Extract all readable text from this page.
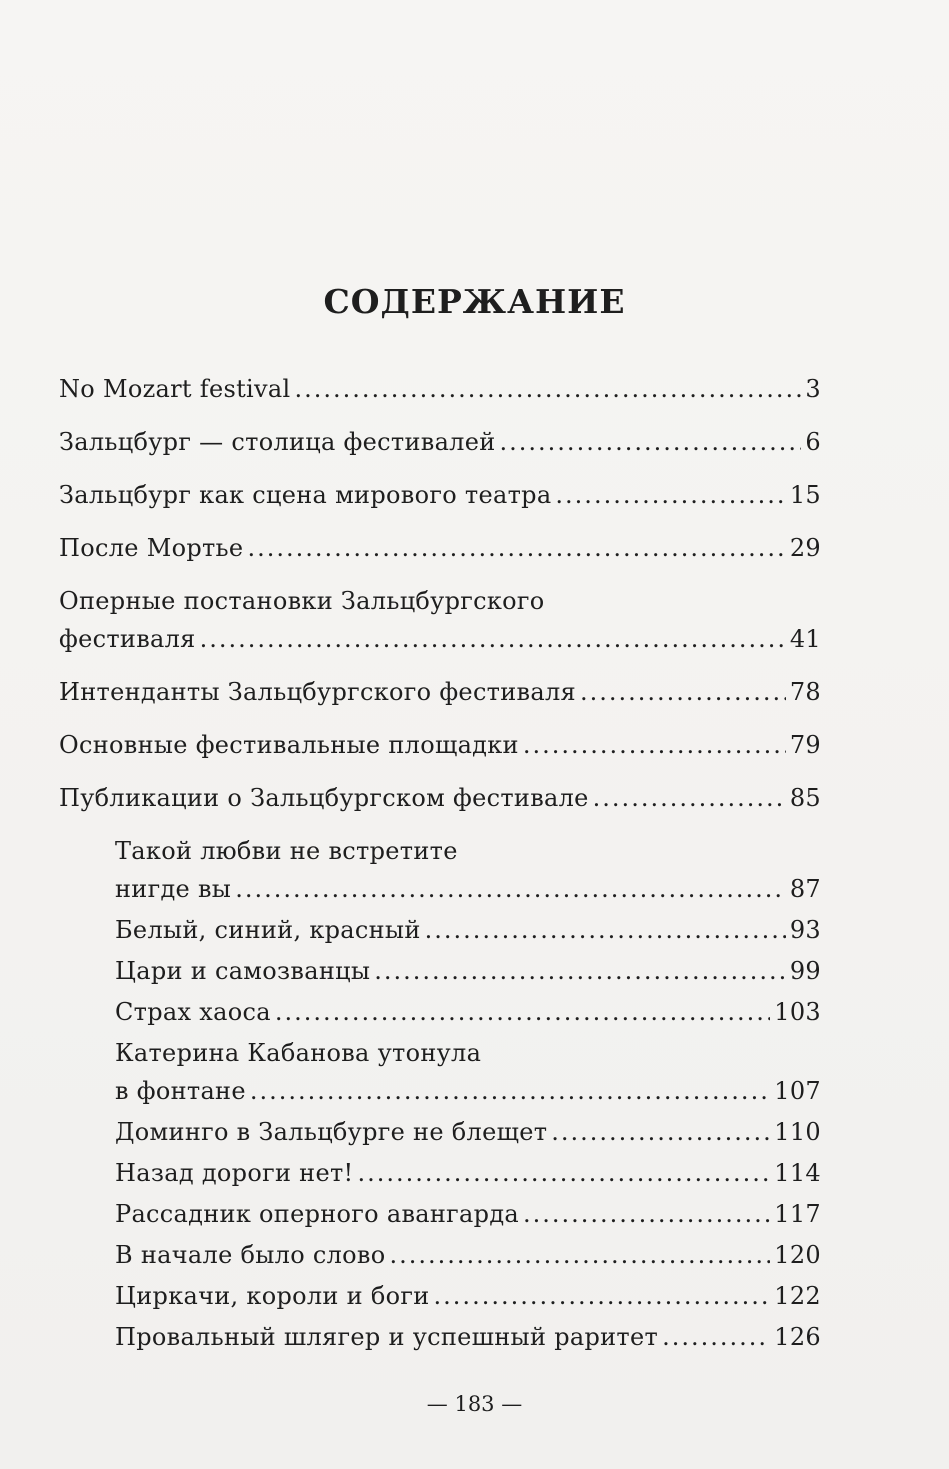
СОДЕРЖАНИЕ
No Mozart festival .....	3
Зальцбург — столица фестивалей .....	6
Зальцбург как сцена мирового театра .....	15
После Мортье .....	29
Оперные постановки Зальцбургского
фестиваля .....	41
Интенданты Зальцбургского фестиваля .....	78
Основные фестивальные площадки .....	79
Публикации о Зальцбургском фестивале .....	85
Такой любви не встретите
нигде вы .....	87
Белый, синий, красный .....	93
Цари и самозванцы .....	99
Страх хаоса .....	103
Катерина Кабанова утонула
в фонтане .....	107
Доминго в Зальцбурге не блещет .....	110
Назад дороги нет! .....	114
Рассадник оперного авангарда .....	117
В начале было слово .....	120
Циркачи, короли и боги .....	122
Провальный шлягер и успешный раритет .....	126
— 183 —
